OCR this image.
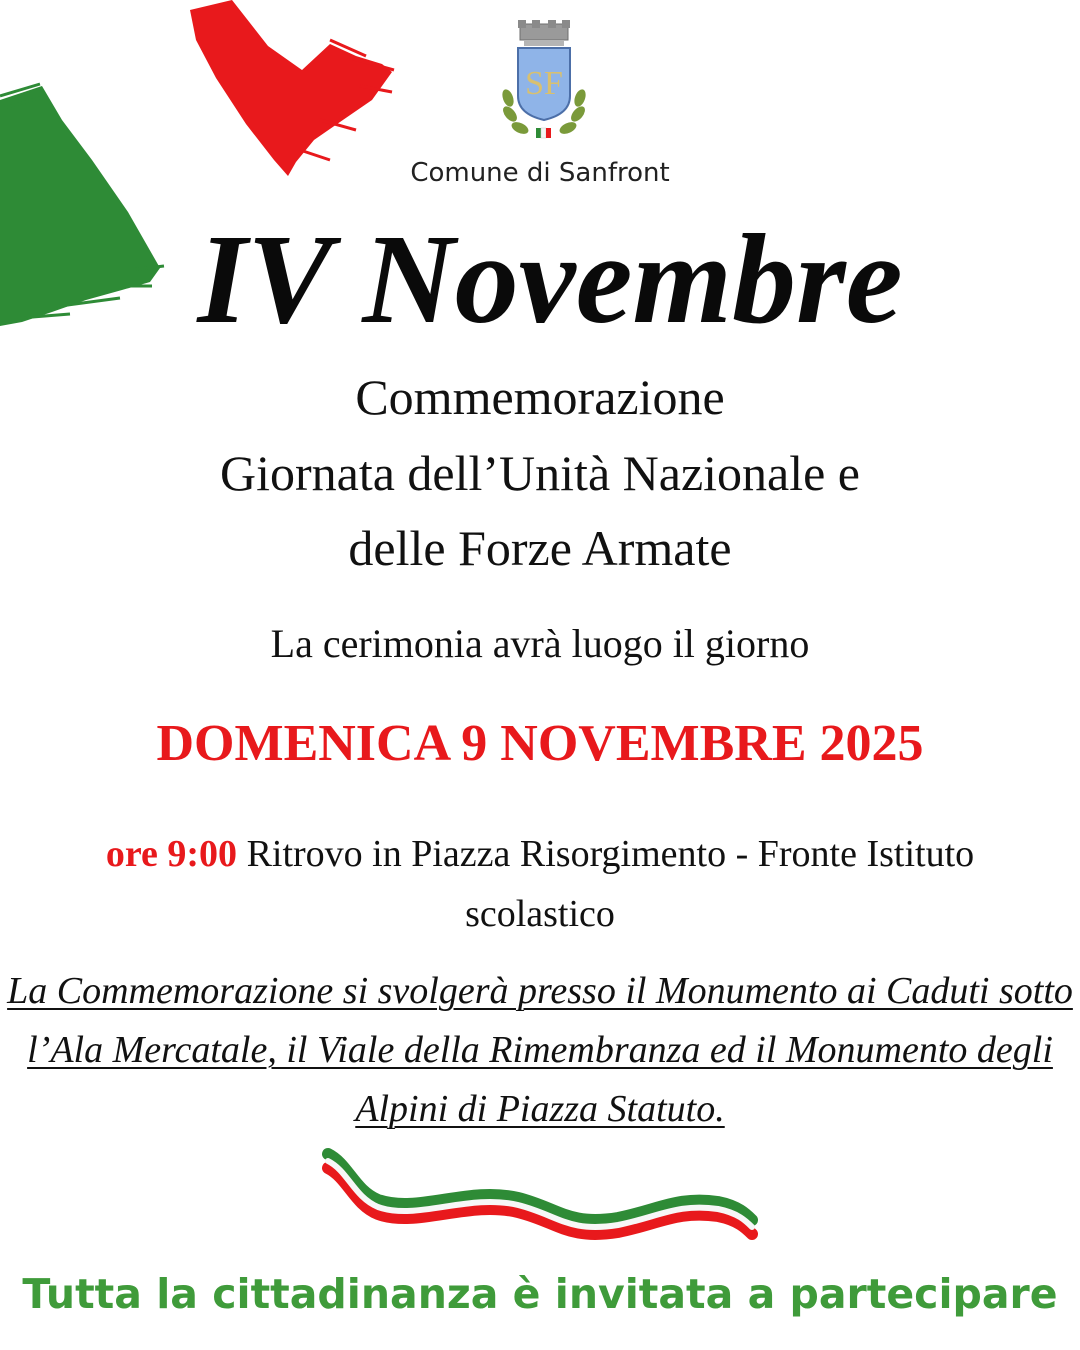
SF
Comune di Sanfront
IV Novembre
Commemorazione
Giornata dell’Unità Nazionale e
delle Forze Armate
La cerimonia avrà luogo il giorno
DOMENICA 9 NOVEMBRE 2025
ore 9:00 Ritrovo in Piazza Risorgimento - Fronte Istituto scolastico
La Commemorazione si svolgerà presso il Monumento ai Caduti sotto l’Ala Mercatale, il Viale della Rimembranza ed il Monumento degli Alpini di Piazza Statuto.
Tutta la cittadinanza è invitata a partecipare
